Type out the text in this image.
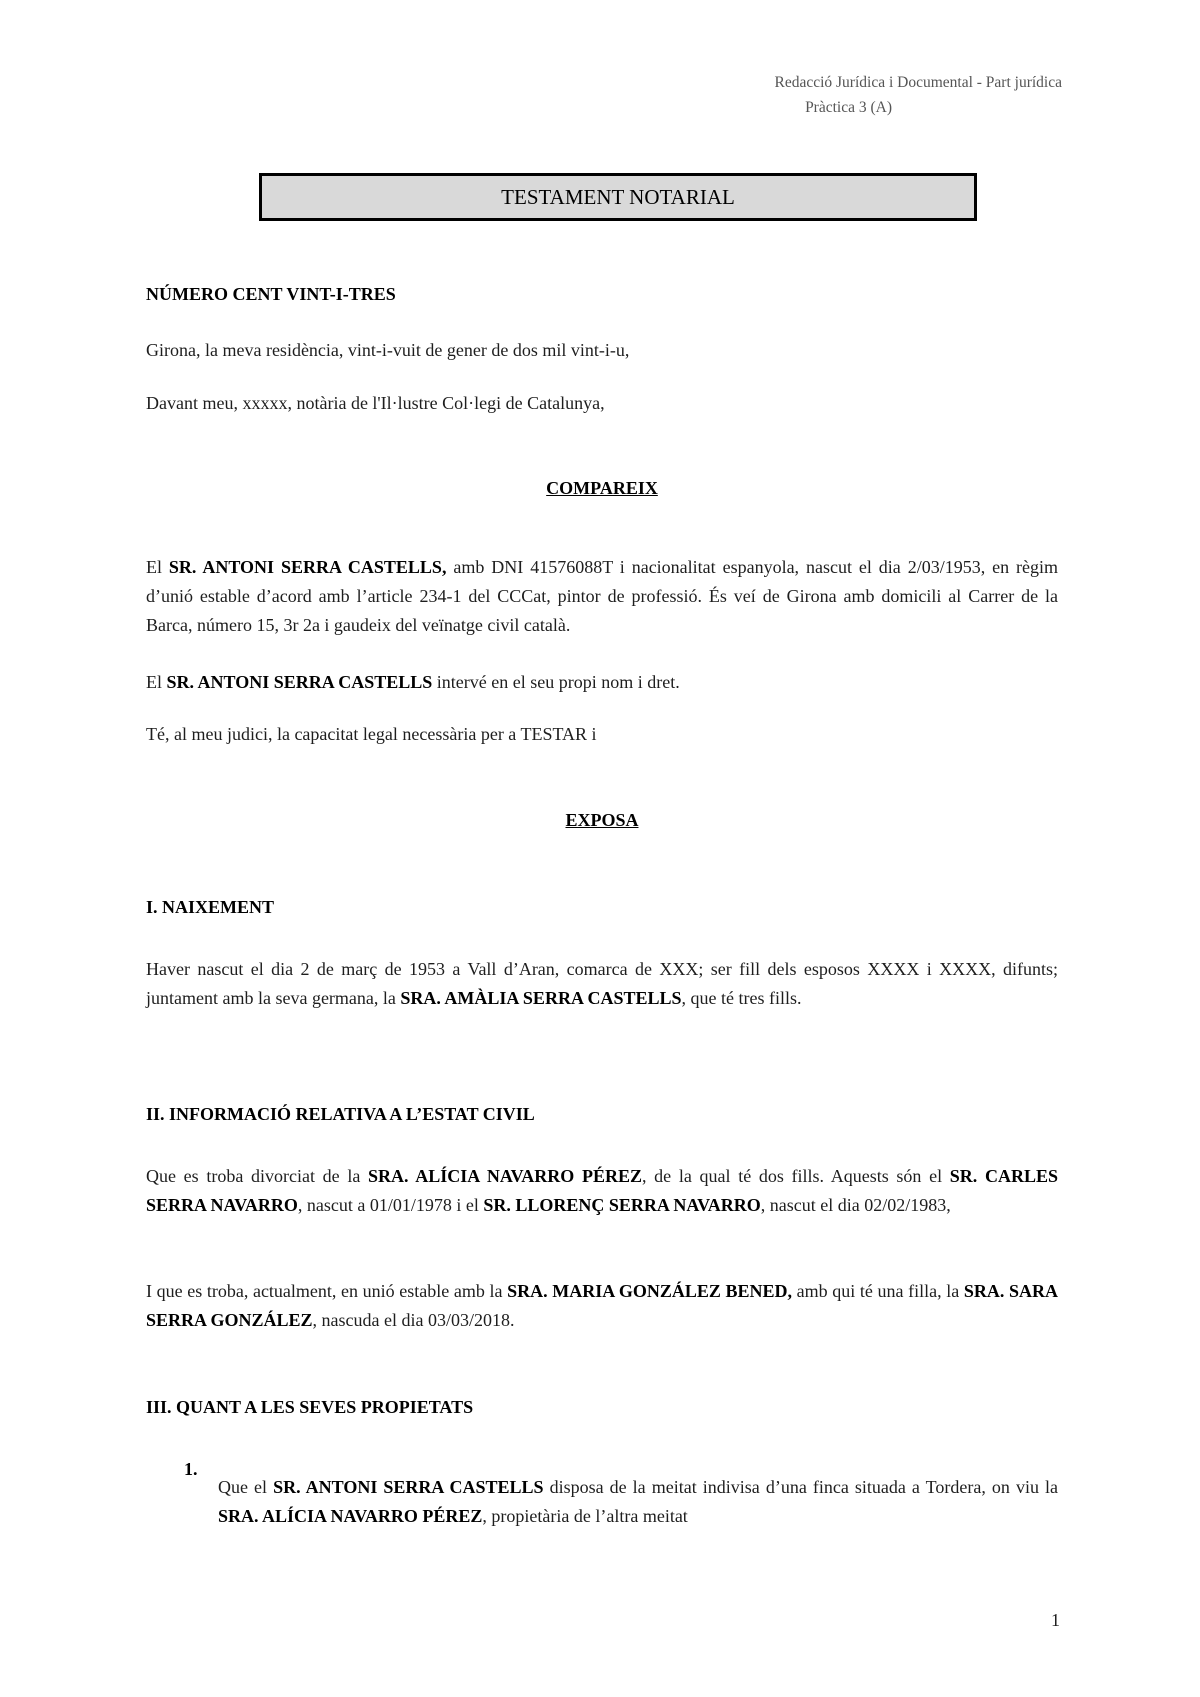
Redacció Jurídica i Documental - Part jurídica
Pràctica 3 (A)
TESTAMENT NOTARIAL

NÚMERO CENT VINT-I-TRES

Girona, la meva residència, vint-i-vuit de gener de dos mil vint-i-u,

Davant meu, xxxxx, notària de l'Il·lustre Col·legi de Catalunya,

COMPAREIX

El SR. ANTONI SERRA CASTELLS, amb DNI 41576088T i nacionalitat espanyola, nascut el dia 2/03/1953, en règim d’unió estable d’acord amb l’article 234-1 del CCCat, pintor de professió. És veí de Girona amb domicili al Carrer de la Barca, número 15, 3r 2a i gaudeix del veïnatge civil català.

El SR. ANTONI SERRA CASTELLS intervé en el seu propi nom i dret.

Té, al meu judici, la capacitat legal necessària per a TESTAR i

EXPOSA

I. NAIXEMENT

Haver nascut el dia 2 de març de 1953 a Vall d’Aran, comarca de XXX; ser fill dels esposos XXXX i XXXX, difunts; juntament amb la seva germana, la SRA. AMÀLIA SERRA CASTELLS, que té tres fills.

II. INFORMACIÓ RELATIVA A L’ESTAT CIVIL

Que es troba divorciat de la SRA. ALÍCIA NAVARRO PÉREZ, de la qual té dos fills. Aquests són el SR. CARLES SERRA NAVARRO, nascut a 01/01/1978 i el SR. LLORENÇ SERRA NAVARRO, nascut el dia 02/02/1983,

I que es troba, actualment, en unió estable amb la SRA. MARIA GONZÁLEZ BENED, amb qui té una filla, la SRA. SARA SERRA GONZÁLEZ, nascuda el dia 03/03/2018.

III. QUANT A LES SEVES PROPIETATS

1.

Que el SR. ANTONI SERRA CASTELLS disposa de la meitat indivisa d’una finca situada a Tordera, on viu la SRA. ALÍCIA NAVARRO PÉREZ, propietària de l’altra meitat

1
